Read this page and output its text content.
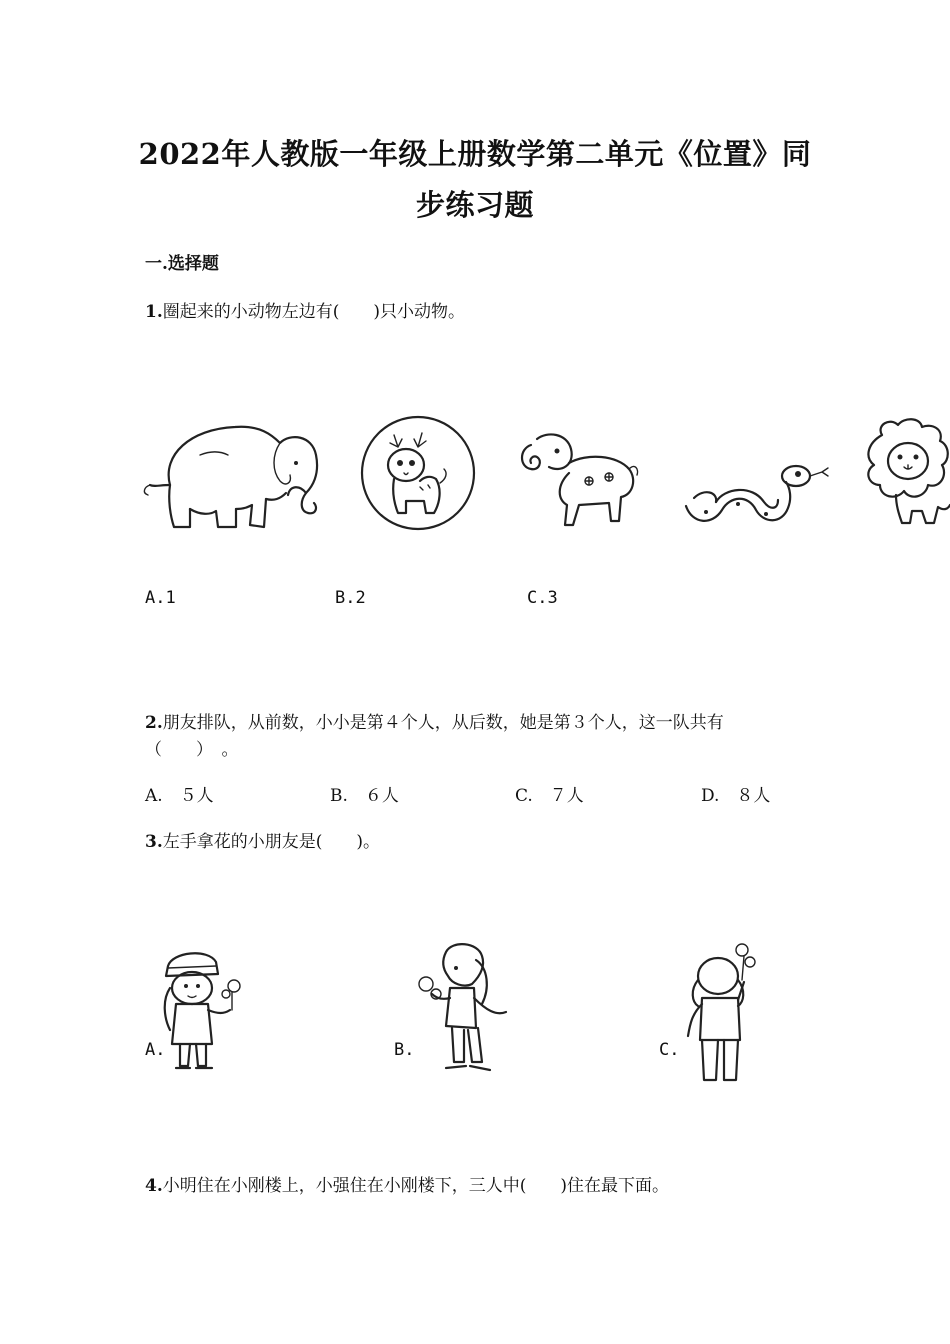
2022年人教版一年级上册数学第二单元《位置》同
步练习题
一.选择题
1.圈起来的小动物左边有(　　)只小动物。
A.1	B.2	C.3
2.朋友排队，从前数，小小是第４个人，从后数，她是第３个人，这一队共有
（　　）　。
A.　５人	B.　６人	C.　７人	D.　８人
3.左手拿花的小朋友是(　　)。
A.	B.	C.
4.小明住在小刚楼上，小强住在小刚楼下，三人中(　　)住在最下面。
